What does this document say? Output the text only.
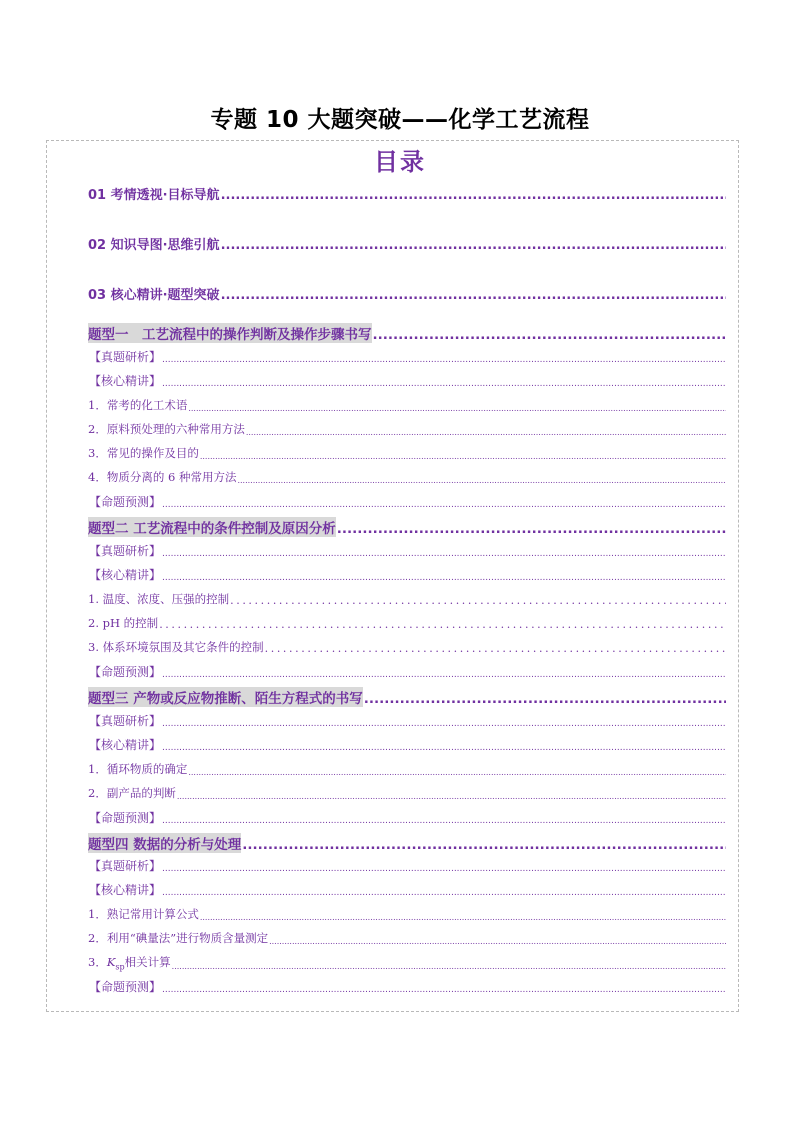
专题 10 大题突破——化学工艺流程
目录
01 考情透视·目标导航
.....
02 知识导图·思维引航
.....
03 核心精讲·题型突破
.....
题型一　工艺流程中的操作判断及操作步骤书写
.....
【真题研析】
.....
【核心精讲】
.....
1．常考的化工术语
.....
2．原料预处理的六种常用方法
.....
3．常见的操作及目的
.....
4．物质分离的 6 种常用方法
.....
【命题预测】
.....
题型二 工艺流程中的条件控制及原因分析
.....
【真题研析】
.....
【核心精讲】
.....
1. 温度、浓度、压强的控制
.....
2. pH 的控制
.....
3. 体系环境氛围及其它条件的控制
.....
【命题预测】
.....
题型三 产物或反应物推断、陌生方程式的书写
.....
【真题研析】
.....
【核心精讲】
.....
1．循环物质的确定
.....
2．副产品的判断
.....
【命题预测】
.....
题型四 数据的分析与处理
.....
【真题研析】
.....
【核心精讲】
.....
1．熟记常用计算公式
.....
2．利用“碘量法”进行物质含量测定
.....
3．$K_{sp}$相关计算
.....
【命题预测】
.....
